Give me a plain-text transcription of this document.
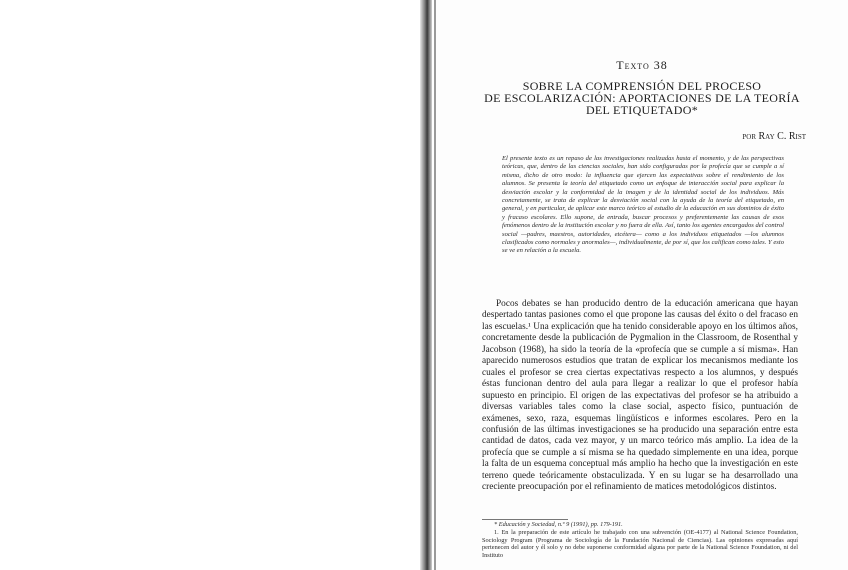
Texto 38
SOBRE LA COMPRENSIÓN DEL PROCESO
DE ESCOLARIZACIÓN: APORTACIONES DE LA TEORÍA
DEL ETIQUETADO*
por Ray C. Rist

El presente texto es un repaso de las investigaciones realizadas hasta el momento, y de las perspectivas teóricas, que, dentro de las ciencias sociales, han sido configuradas por la profecía que se cumple a sí misma, dicho de otro modo: la influencia que ejercen las expectativas sobre el rendimiento de los alumnos. Se presenta la teoría del etiquetado como un enfoque de interacción social para explicar la desviación escolar y la conformidad de la imagen y de la identidad social de los individuos. Más concretamente, se trata de explicar la desviación social con la ayuda de la teoría del etiquetado, en general, y en particular, de aplicar este marco teórico al estudio de la educación en sus dominios de éxito y fracaso escolares. Ello supone, de entrada, buscar procesos y preferentemente las causas de esos fenómenos dentro de la institución escolar y no fuera de ella. Así, tanto los agentes encargados del control social —padres, maestros, autoridades, etcétera— como a los individuos etiquetados —los alumnos clasificados como normales y anormales—, individualmente, de por sí, que los califican como tales. Y esto se ve en relación a la escuela.

Pocos debates se han producido dentro de la educación americana que hayan despertado tantas pasiones como el que propone las causas del éxito o del fracaso en las escuelas.¹ Una explicación que ha tenido considerable apoyo en los últimos años, concretamente desde la publicación de Pygmalion in the Classroom, de Rosenthal y Jacobson (1968), ha sido la teoría de la «profecía que se cumple a sí misma». Han aparecido numerosos estudios que tratan de explicar los mecanismos mediante los cuales el profesor se crea ciertas expectativas respecto a los alumnos, y después éstas funcionan dentro del aula para llegar a realizar lo que el profesor había supuesto en principio. El origen de las expectativas del profesor se ha atribuido a diversas variables tales como la clase social, aspecto físico, puntuación de exámenes, sexo, raza, esquemas lingüísticos e informes escolares. Pero en la confusión de las últimas investigaciones se ha producido una separación entre esta cantidad de datos, cada vez mayor, y un marco teórico más amplio. La idea de la profecía que se cumple a sí misma se ha quedado simplemente en una idea, porque la falta de un esquema conceptual más amplio ha hecho que la investigación en este terreno quede teóricamente obstaculizada. Y en su lugar se ha desarrollado una creciente preocupación por el refinamiento de matices metodológicos distintos.

* Educación y Sociedad, n.º 9 (1991), pp. 179-191.

1. En la preparación de este artículo he trabajado con una subvención (OE-4177) al National Science Foundation, Sociology Program (Programa de Sociología de la Fundación Nacional de Ciencias). Las opiniones expresadas aquí pertenecen del autor y él solo y no debe suponerse conformidad alguna por parte de la National Science Foundation, ni del Instituto
